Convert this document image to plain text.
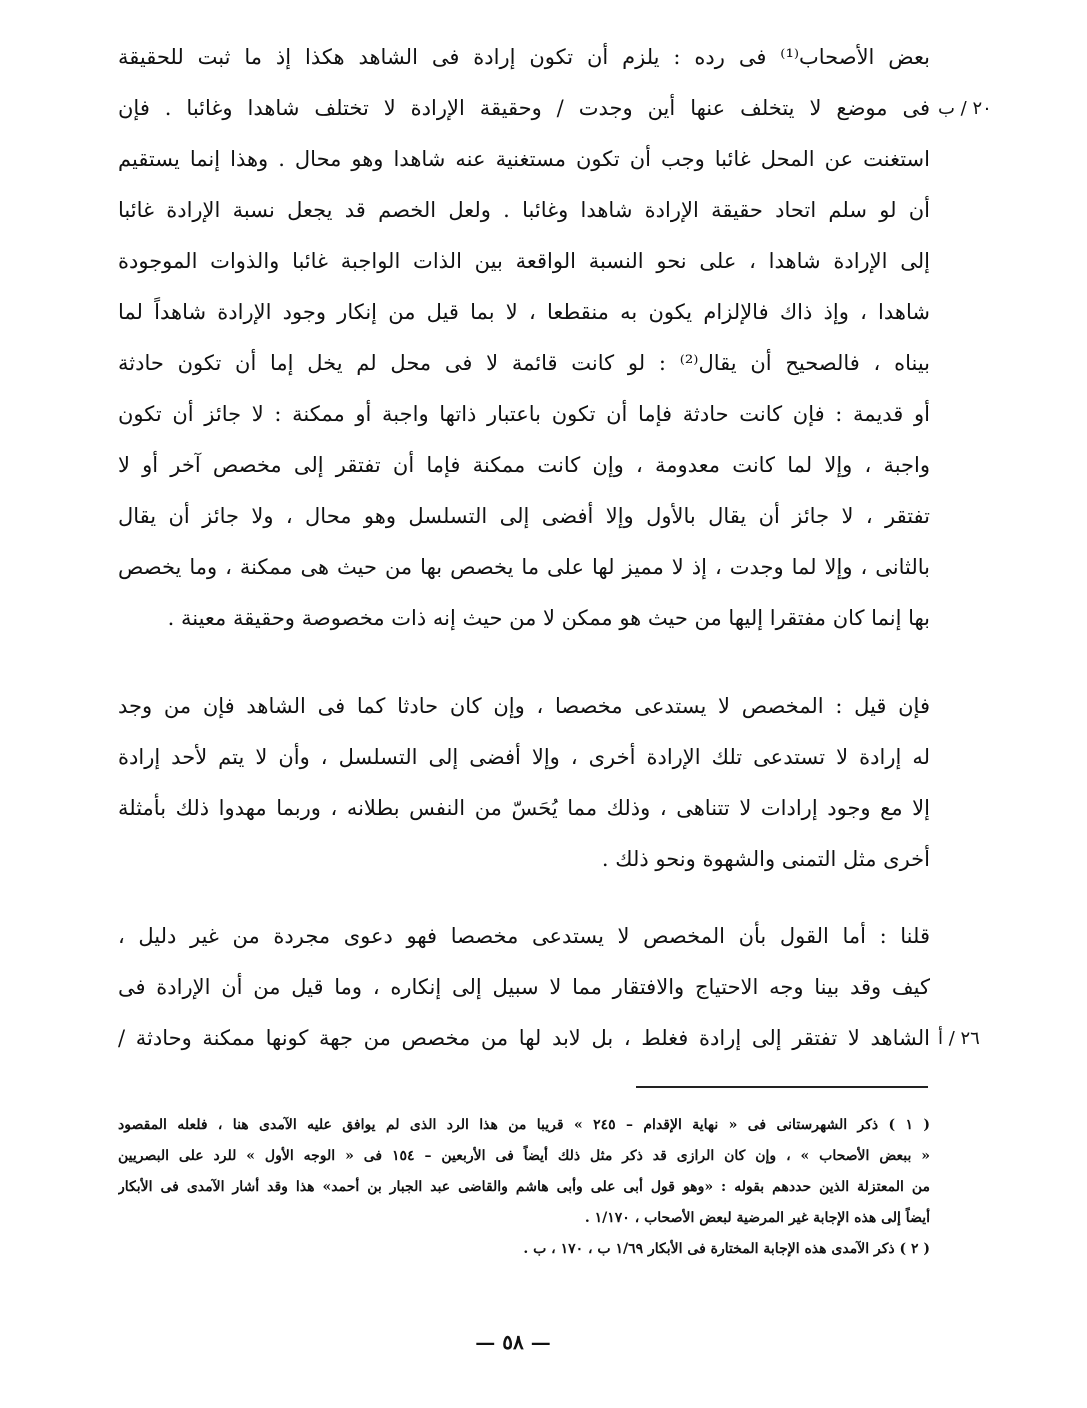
بعض الأصحاب⁽¹⁾ فى رده : يلزم أن تكون إرادة فى الشاهد هكذا إذ ما ثبت للحقيقة
فى موضع لا يتخلف عنها أين وجدت / وحقيقة الإرادة لا تختلف شاهدا وغائبا . فإن
استغنت عن المحل غائبا وجب أن تكون مستغنية عنه شاهدا وهو محال . وهذا إنما يستقيم
أن لو سلم اتحاد حقيقة الإرادة شاهدا وغائبا . ولعل الخصم قد يجعل نسبة الإرادة غائبا
إلى الإرادة شاهدا ، على نحو النسبة الواقعة بين الذات الواجبة غائبا والذوات الموجودة
شاهدا ، وإذ ذاك فالإلزام يكون به منقطعا ، لا بما قيل من إنكار وجود الإرادة شاهداً لما
بيناه ، فالصحيح أن يقال⁽²⁾ : لو كانت قائمة لا فى محل لم يخل إما أن تكون حادثة
أو قديمة : فإن كانت حادثة فإما أن تكون باعتبار ذاتها واجبة أو ممكنة : لا جائز أن تكون
واجبة ، وإلا لما كانت معدومة ، وإن كانت ممكنة فإما أن تفتقر إلى مخصص آخر أو لا
تفتقر ، لا جائز أن يقال بالأول وإلا أفضى إلى التسلسل وهو محال ، ولا جائز أن يقال
بالثانى ، وإلا لما وجدت ، إذ لا مميز لها على ما يخصص بها من حيث هى ممكنة ، وما يخصص
بها إنما كان مفتقرا إليها من حيث هو ممكن لا من حيث إنه ذات مخصوصة وحقيقة معينة .
٢٠ / ب
فإن قيل : المخصص لا يستدعى مخصصا ، وإن كان حادثا كما فى الشاهد فإن من وجد
له إرادة لا تستدعى تلك الإرادة أخرى ، وإلا أفضى إلى التسلسل ، وأن لا يتم لأحد إرادة
إلا مع وجود إرادات لا تتناهى ، وذلك مما يُحَسّ من النفس بطلانه ، وربما مهدوا ذلك بأمثلة
أخرى مثل التمنى والشهوة ونحو ذلك .
قلنا : أما القول بأن المخصص لا يستدعى مخصصا فهو دعوى مجردة من غير دليل ،
كيف وقد بينا وجه الاحتياج والافتقار مما لا سبيل إلى إنكاره ، وما قيل من أن الإرادة فى
الشاهد لا تفتقر إلى إرادة فغلط ، بل لابد لها من مخصص من جهة كونها ممكنة وحادثة / ٢٦ / أ
( ١ ) ذكر الشهرستانى فى « نهاية الإقدام – ٢٤٥ » قريبا من هذا الرد الذى لم يوافق عليه الآمدى هنا ، فلعله المقصود
« ببعض الأصحاب » ، وإن كان الرازى قد ذكر مثل ذلك أيضاً فى الأربعين – ١٥٤ فى « الوجه الأول » للرد على البصريين
من المعتزلة الذين حددهم بقوله : «وهو قول أبى على وأبى هاشم والقاضى عبد الجبار بن أحمد» هذا وقد أشار الآمدى فى الأبكار
أيضاً إلى هذه الإجابة غير المرضية لبعض الأصحاب ، ١/١٧٠ .
( ٢ ) ذكر الآمدى هذه الإجابة المختارة فى الأبكار ١/٦٩ ب ، ١٧٠ ، ب .
— ٥٨ —
